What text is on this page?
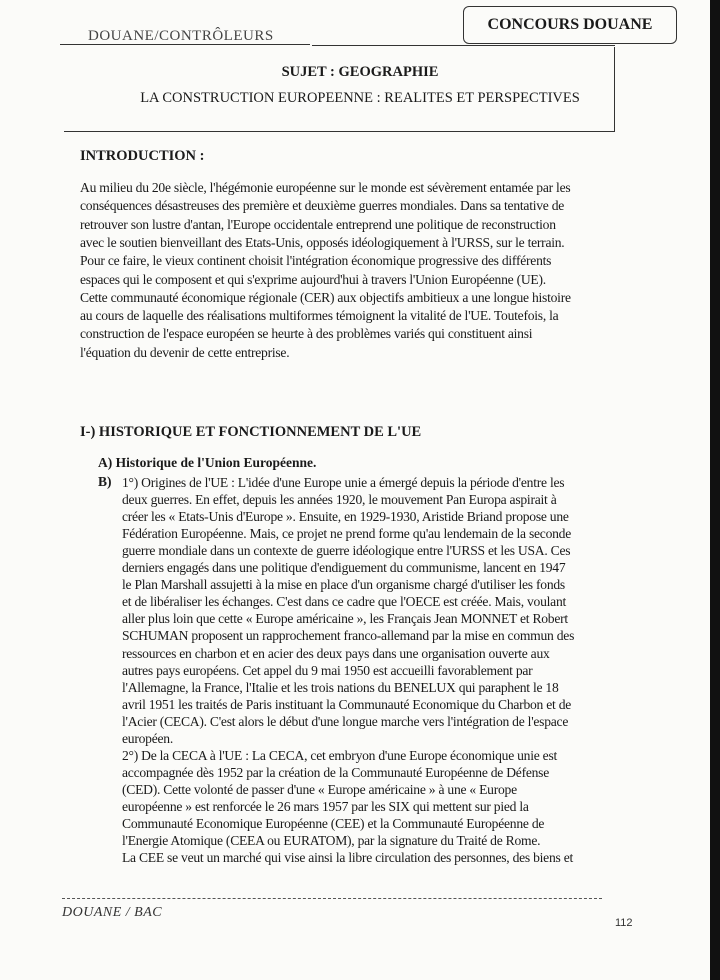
DOUANE/CONTRÔLEURS
CONCOURS DOUANE
SUJET : GEOGRAPHIE
LA CONSTRUCTION EUROPEENNE : REALITES ET PERSPECTIVES
INTRODUCTION :
Au milieu du 20e siècle, l'hégémonie européenne sur le monde est sévèrement entamée par les
conséquences désastreuses des première et deuxième guerres mondiales. Dans sa tentative de
retrouver son lustre d'antan, l'Europe occidentale entreprend une politique de reconstruction
avec le soutien bienveillant des Etats-Unis, opposés idéologiquement à l'URSS, sur le terrain.
Pour ce faire, le vieux continent choisit l'intégration économique progressive des différents
espaces qui le composent et qui s'exprime aujourd'hui à travers l'Union Européenne (UE).
Cette communauté économique régionale (CER) aux objectifs ambitieux a une longue histoire
au cours de laquelle des réalisations multiformes témoignent la vitalité de l'UE. Toutefois, la
construction de l'espace européen se heurte à des problèmes variés qui constituent ainsi
l'équation du devenir de cette entreprise.
I-) HISTORIQUE ET FONCTIONNEMENT DE L'UE
A) Historique de l'Union Européenne.
B) 1°) Origines de l'UE : L'idée d'une Europe unie a émergé depuis la période d'entre les
deux guerres. En effet, depuis les années 1920, le mouvement Pan Europa aspirait à
créer les « Etats-Unis d'Europe ». Ensuite, en 1929-1930, Aristide Briand propose une
Fédération Européenne. Mais, ce projet ne prend forme qu'au lendemain de la seconde
guerre mondiale dans un contexte de guerre idéologique entre l'URSS et les USA. Ces
derniers engagés dans une politique d'endiguement du communisme, lancent en 1947
le Plan Marshall assujetti à la mise en place d'un organisme chargé d'utiliser les fonds
et de libéraliser les échanges. C'est dans ce cadre que l'OECE est créée. Mais, voulant
aller plus loin que cette « Europe américaine », les Français Jean MONNET et Robert
SCHUMAN proposent un rapprochement franco-allemand par la mise en commun des
ressources en charbon et en acier des deux pays dans une organisation ouverte aux
autres pays européens. Cet appel du 9 mai 1950 est accueilli favorablement par
l'Allemagne, la France, l'Italie et les trois nations du BENELUX qui paraphent le 18
avril 1951 les traités de Paris instituant la Communauté Economique du Charbon et de
l'Acier (CECA). C'est alors le début d'une longue marche vers l'intégration de l'espace
européen.
2°) De la CECA à l'UE : La CECA, cet embryon d'une Europe économique unie est
accompagnée dès 1952 par la création de la Communauté Européenne de Défense
(CED). Cette volonté de passer d'une « Europe américaine » à une « Europe
européenne » est renforcée le 26 mars 1957 par les SIX qui mettent sur pied la
Communauté Economique Européenne (CEE) et la Communauté Européenne de
l'Energie Atomique (CEEA ou EURATOM), par la signature du Traité de Rome.
La CEE se veut un marché qui vise ainsi la libre circulation des personnes, des biens et
DOUANE / BAC
112
